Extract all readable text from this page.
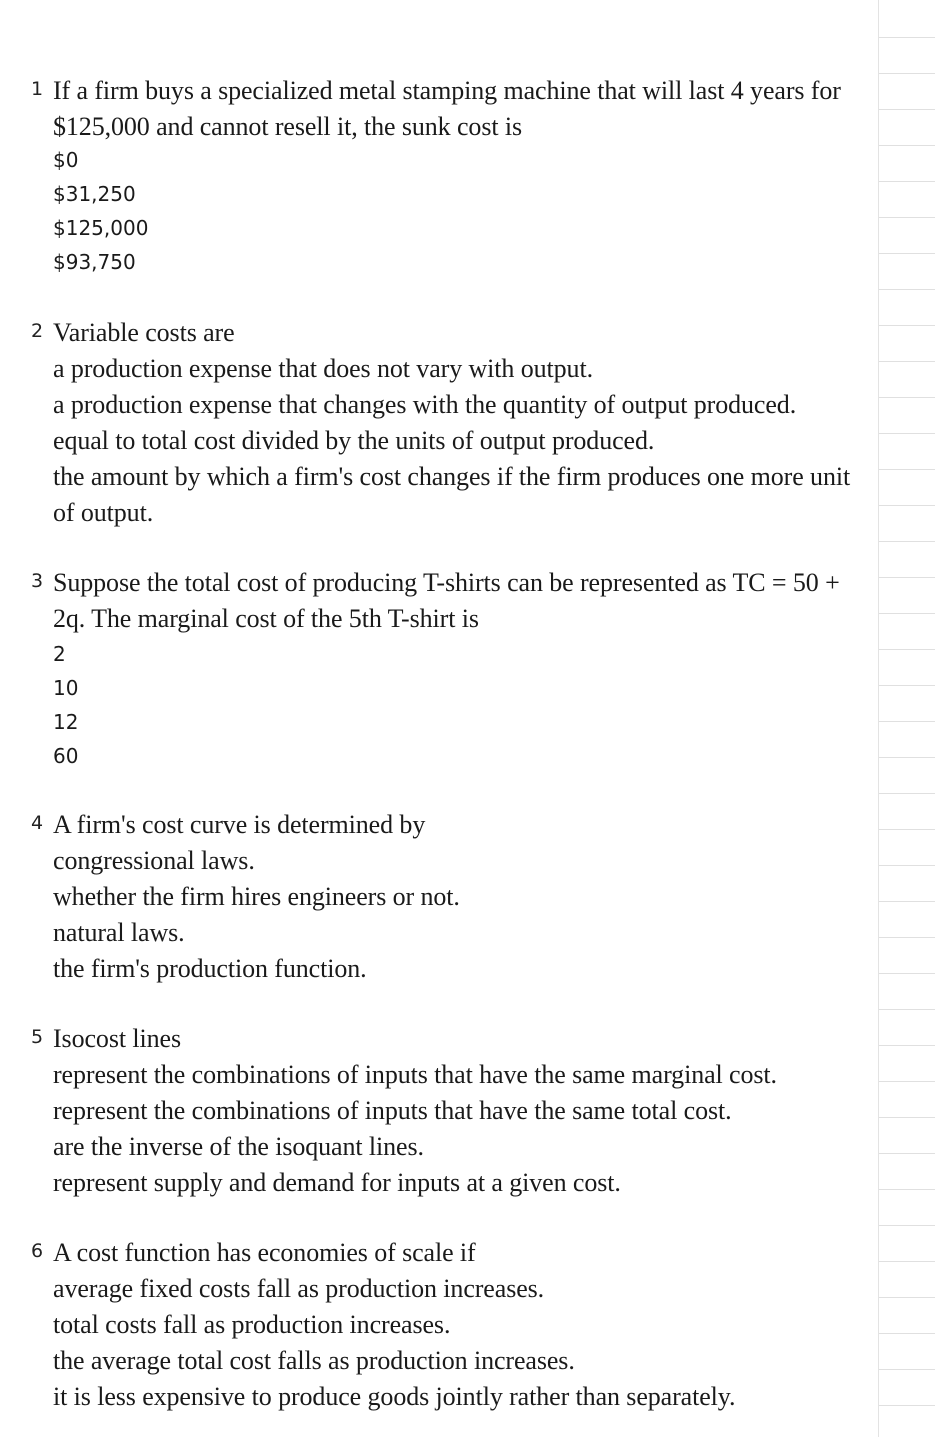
1 If a firm buys a specialized metal stamping machine that will last 4 years for $125,000 and cannot resell it, the sunk cost is
$0
$31,250
$125,000
$93,750
2 Variable costs are
a production expense that does not vary with output.
a production expense that changes with the quantity of output produced.
equal to total cost divided by the units of output produced.
the amount by which a firm's cost changes if the firm produces one more unit of output.
3 Suppose the total cost of producing T-shirts can be represented as TC = 50 + 2q. The marginal cost of the 5th T-shirt is
2
10
12
60
4 A firm's cost curve is determined by
congressional laws.
whether the firm hires engineers or not.
natural laws.
the firm's production function.
5 Isocost lines
represent the combinations of inputs that have the same marginal cost.
represent the combinations of inputs that have the same total cost.
are the inverse of the isoquant lines.
represent supply and demand for inputs at a given cost.
6 A cost function has economies of scale if
average fixed costs fall as production increases.
total costs fall as production increases.
the average total cost falls as production increases.
it is less expensive to produce goods jointly rather than separately.
